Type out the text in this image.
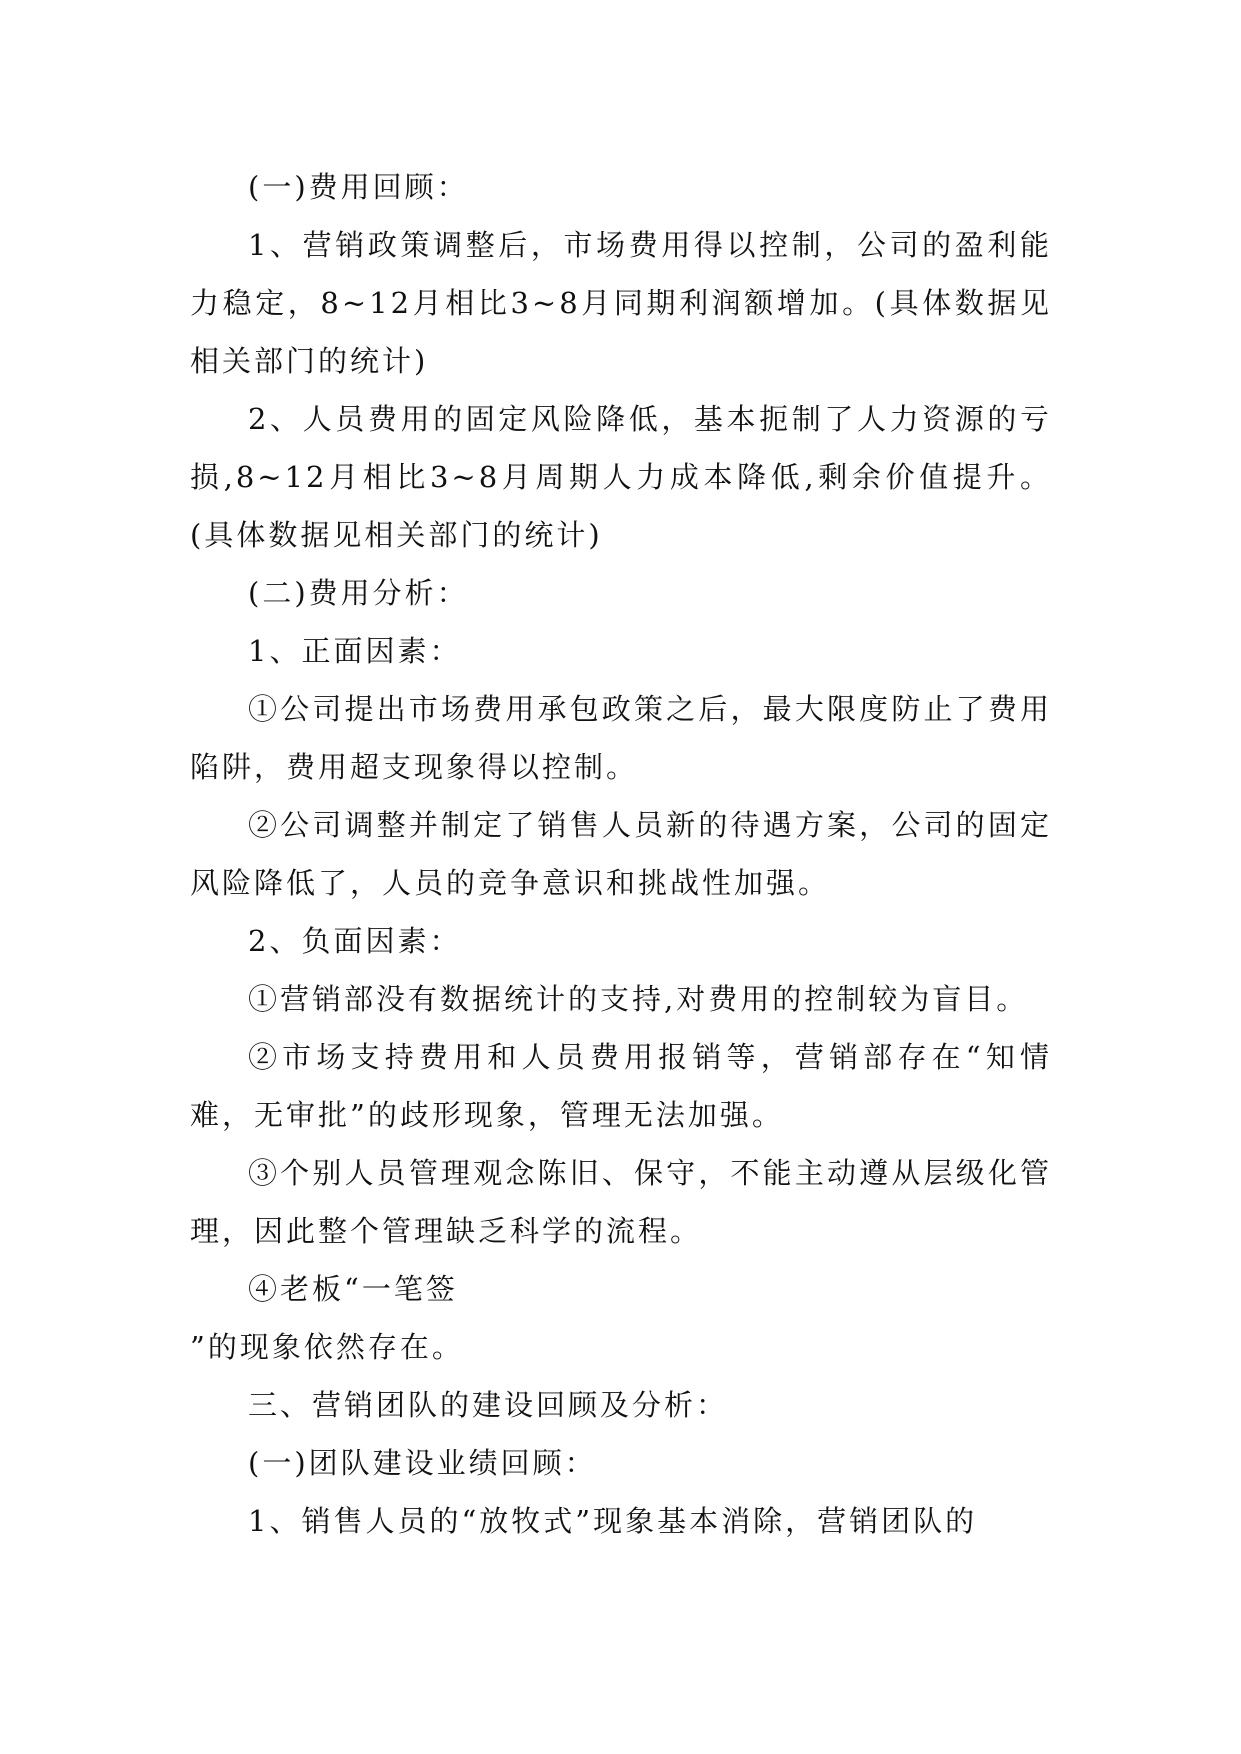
(一)费用回顾：

1、营销政策调整后，市场费用得以控制，公司的盈利能力稳定，8~12月相比3~8月同期利润额增加。(具体数据见相关部门的统计)

2、人员费用的固定风险降低，基本扼制了人力资源的亏损,8~12月相比3~8月周期人力成本降低,剩余价值提升。(具体数据见相关部门的统计)

(二)费用分析：

1、正面因素：

①公司提出市场费用承包政策之后，最大限度防止了费用陷阱，费用超支现象得以控制。

②公司调整并制定了销售人员新的待遇方案，公司的固定风险降低了，人员的竞争意识和挑战性加强。

2、负面因素：

①营销部没有数据统计的支持,对费用的控制较为盲目。

②市场支持费用和人员费用报销等，营销部存在“知情难，无审批”的歧形现象，管理无法加强。

③个别人员管理观念陈旧、保守，不能主动遵从层级化管理，因此整个管理缺乏科学的流程。

④老板“一笔签

”的现象依然存在。

三、营销团队的建设回顾及分析：

(一)团队建设业绩回顾：

1、销售人员的“放牧式”现象基本消除，营销团队的
